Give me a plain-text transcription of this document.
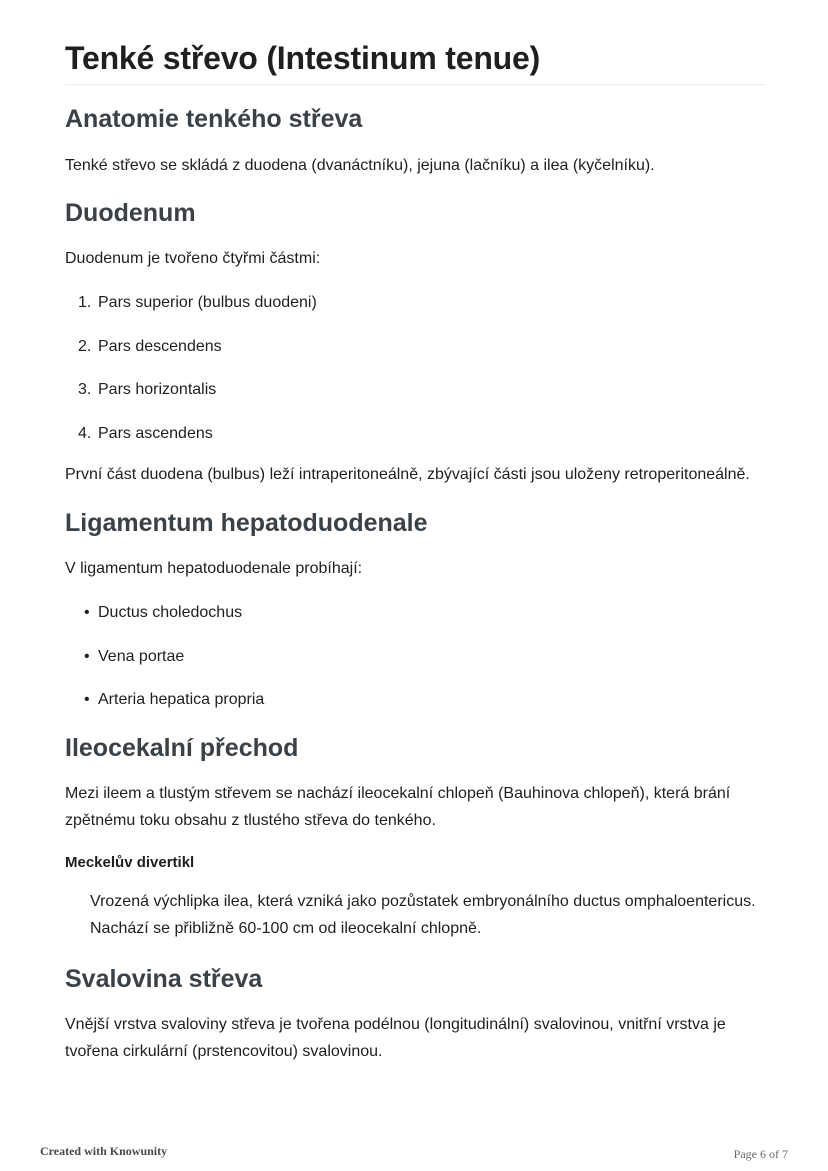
Tenké střevo (Intestinum tenue)
Anatomie tenkého střeva

Tenké střevo se skládá z duodena (dvanáctníku), jejuna (lačníku) a ilea (kyčelníku).

Duodenum

Duodenum je tvořeno čtyřmi částmi:

1. Pars superior (bulbus duodeni)
2. Pars descendens
3. Pars horizontalis
4. Pars ascendens

První část duodena (bulbus) leží intraperitoneálně, zbývající části jsou uloženy retroperitoneálně.

Ligamentum hepatoduodenale

V ligamentum hepatoduodenale probíhají:

• Ductus choledochus
• Vena portae
• Arteria hepatica propria
Ileocekalní přechod

Mezi ileem a tlustým střevem se nachází ileocekalní chlopeň (Bauhinova chlopeň), která brání zpětnému toku obsahu z tlustého střeva do tenkého.

Meckelův divertikl

Vrozená výchlipka ilea, která vzniká jako pozůstatek embryonálního ductus omphaloentericus. Nachází se přibližně 60-100 cm od ileocekalní chlopně.

Svalovina střeva

Vnější vrstva svaloviny střeva je tvořena podélnou (longitudinální) svalovinou, vnitřní vrstva je tvořena cirkulární (prstencovitou) svalovinou.

Created with Knowunity	Page 6 of 7
